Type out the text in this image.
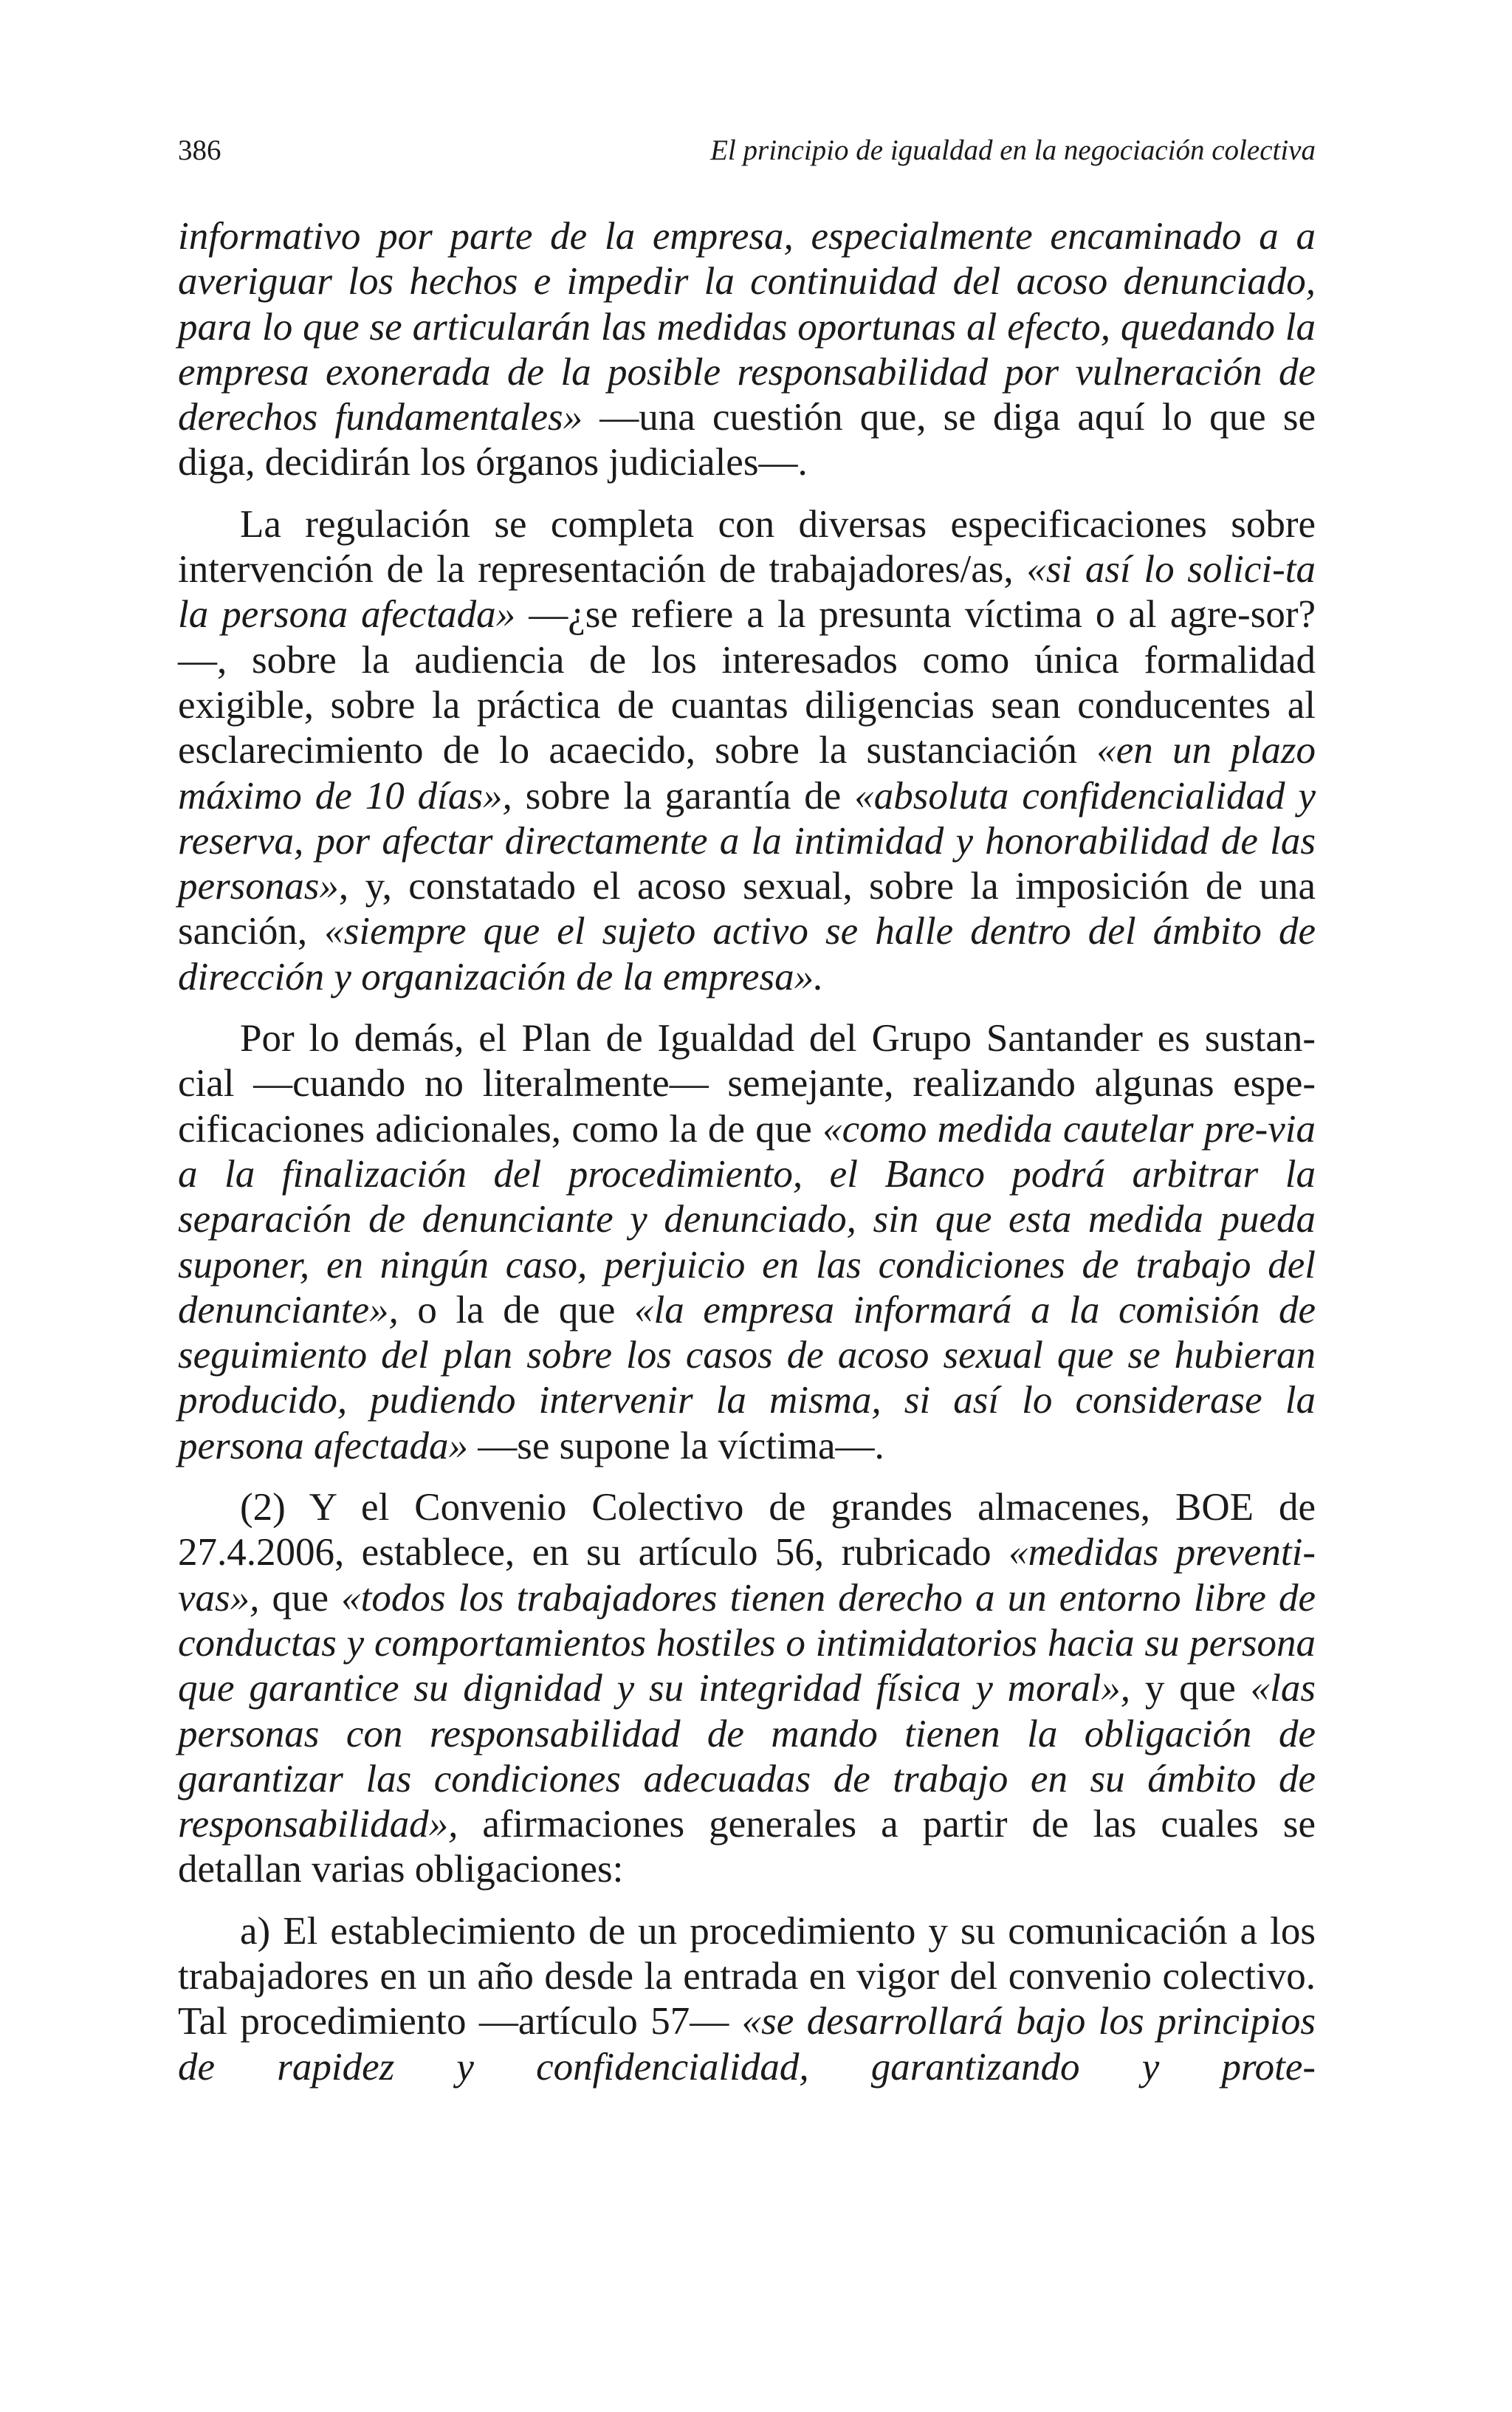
386	El principio de igualdad en la negociación colectiva

informativo por parte de la empresa, especialmente encaminado a a averiguar los hechos e impedir la continuidad del acoso denunciado, para lo que se articularán las medidas oportunas al efecto, quedando la empresa exonerada de la posible responsabilidad por vulneración de derechos fundamentales» —una cuestión que, se diga aquí lo que se diga, decidirán los órganos judiciales—.

La regulación se completa con diversas especificaciones sobre intervención de la representación de trabajadores/as, «si así lo solici-ta la persona afectada» —¿se refiere a la presunta víctima o al agre-sor?—, sobre la audiencia de los interesados como única formalidad exigible, sobre la práctica de cuantas diligencias sean conducentes al esclarecimiento de lo acaecido, sobre la sustanciación «en un plazo máximo de 10 días», sobre la garantía de «absoluta confidencialidad y reserva, por afectar directamente a la intimidad y honorabilidad de las personas», y, constatado el acoso sexual, sobre la imposición de una sanción, «siempre que el sujeto activo se halle dentro del ámbito de dirección y organización de la empresa».

Por lo demás, el Plan de Igualdad del Grupo Santander es sustan-cial —cuando no literalmente— semejante, realizando algunas espe-cificaciones adicionales, como la de que «como medida cautelar pre-via a la finalización del procedimiento, el Banco podrá arbitrar la separación de denunciante y denunciado, sin que esta medida pueda suponer, en ningún caso, perjuicio en las condiciones de trabajo del denunciante», o la de que «la empresa informará a la comisión de seguimiento del plan sobre los casos de acoso sexual que se hubieran producido, pudiendo intervenir la misma, si así lo considerase la persona afectada» —se supone la víctima—.

(2) Y el Convenio Colectivo de grandes almacenes, BOE de 27.4.2006, establece, en su artículo 56, rubricado «medidas preventi-vas», que «todos los trabajadores tienen derecho a un entorno libre de conductas y comportamientos hostiles o intimidatorios hacia su persona que garantice su dignidad y su integridad física y moral», y que «las personas con responsabilidad de mando tienen la obligación de garantizar las condiciones adecuadas de trabajo en su ámbito de responsabilidad», afirmaciones generales a partir de las cuales se detallan varias obligaciones:

a) El establecimiento de un procedimiento y su comunicación a los trabajadores en un año desde la entrada en vigor del convenio colectivo. Tal procedimiento —artículo 57— «se desarrollará bajo los principios de rapidez y confidencialidad, garantizando y prote-
